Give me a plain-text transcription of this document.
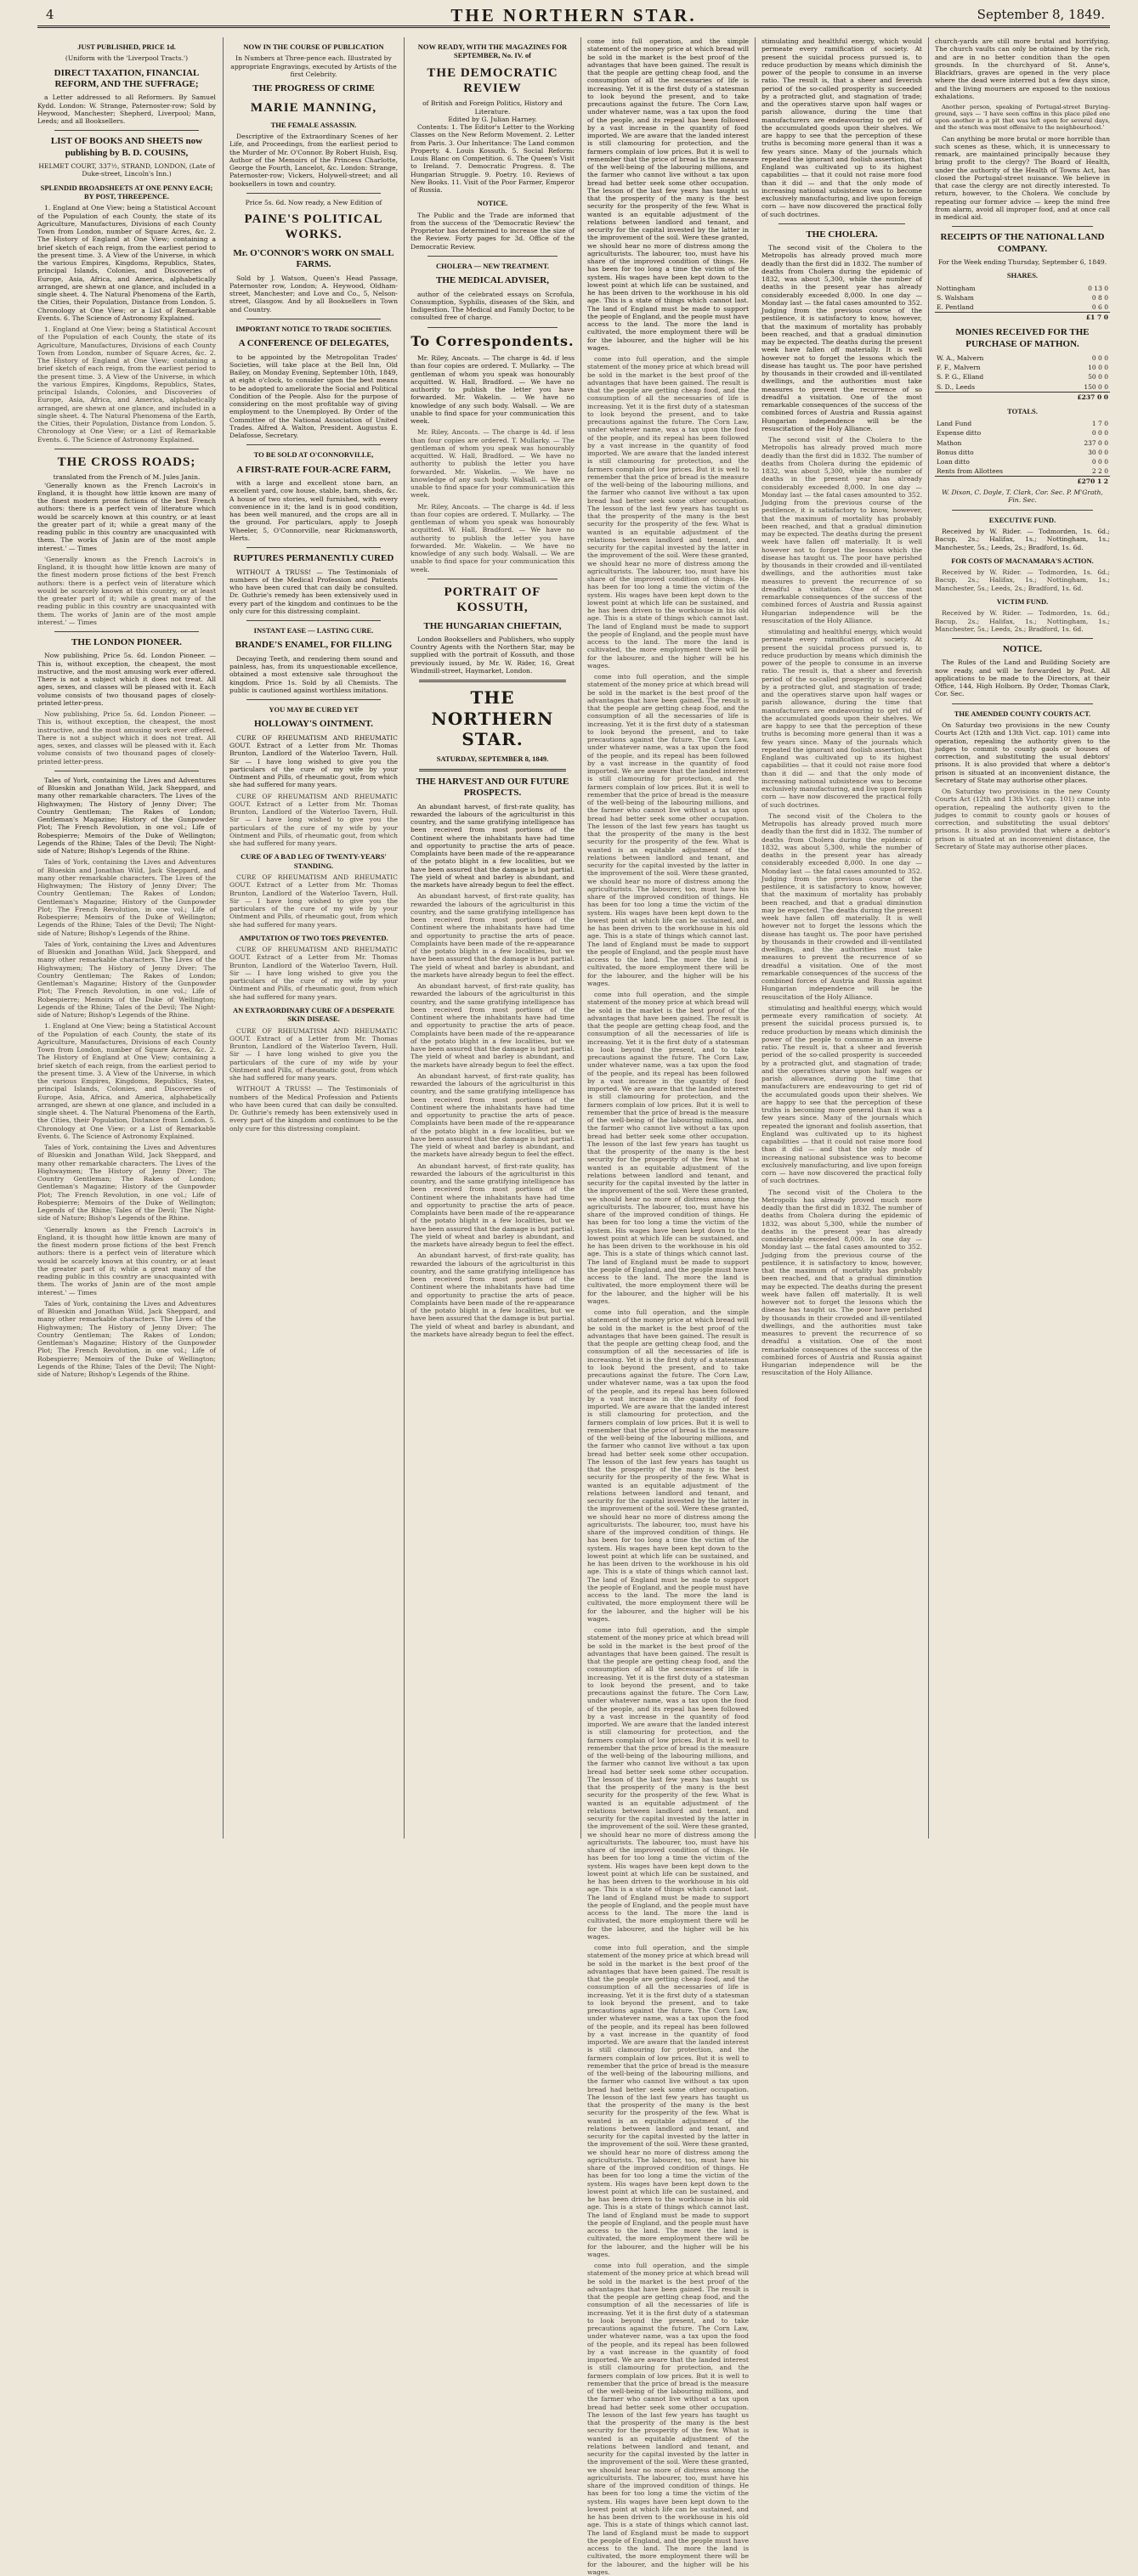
4	THE NORTHERN STAR.	September 8, 1849.
JUST PUBLISHED, PRICE 1d.
(Uniform with the 'Liverpool Tracts.')
DIRECT TAXATION, FINANCIAL REFORM, AND THE SUFFRAGE;

a Letter addressed to all Reformers. By Samuel Kydd. London: W. Strange, Paternoster-row; Sold by Heywood, Manchester; Shepherd, Liverpool; Mann, Leeds; and all Booksellers.

LIST OF BOOKS AND SHEETS now publishing by B. D. COUSINS,
HELMET COURT, 337½, STRAND, LONDON, (Late of Duke-street, Lincoln's Inn.)
SPLENDID BROADSHEETS AT ONE PENNY EACH; BY POST, THREEPENCE.

1. England at One View; being a Statistical Account of the Population of each County, the state of its Agriculture, Manufactures, Divisions of each County Town from London, number of Square Acres, &c. 2. The History of England at One View; containing a brief sketch of each reign, from the earliest period to the present time. 3. A View of the Universe, in which the various Empires, Kingdoms, Republics, States, principal Islands, Colonies, and Discoveries of Europe, Asia, Africa, and America, alphabetically arranged, are shewn at one glance, and included in a single sheet. 4. The Natural Phenomena of the Earth, the Cities, their Population, Distance from London. 5. Chronology at One View; or a List of Remarkable Events. 6. The Science of Astronomy Explained.

1. England at One View; being a Statistical Account of the Population of each County, the state of its Agriculture, Manufactures, Divisions of each County Town from London, number of Square Acres, &c. 2. The History of England at One View; containing a brief sketch of each reign, from the earliest period to the present time. 3. A View of the Universe, in which the various Empires, Kingdoms, Republics, States, principal Islands, Colonies, and Discoveries of Europe, Asia, Africa, and America, alphabetically arranged, are shewn at one glance, and included in a single sheet. 4. The Natural Phenomena of the Earth, the Cities, their Population, Distance from London. 5. Chronology at One View; or a List of Remarkable Events. 6. The Science of Astronomy Explained.

THE CROSS ROADS;
translated from the French of M. Jules Janin.

'Generally known as the French Lacroix's in England, it is thought how little known are many of the finest modern prose fictions of the best French authors: there is a perfect vein of literature which would be scarcely known at this country, or at least the greater part of it; while a great many of the reading public in this country are unacquainted with them. The works of Janin are of the most ample interest.' — Times

'Generally known as the French Lacroix's in England, it is thought how little known are many of the finest modern prose fictions of the best French authors: there is a perfect vein of literature which would be scarcely known at this country, or at least the greater part of it; while a great many of the reading public in this country are unacquainted with them. The works of Janin are of the most ample interest.' — Times

THE LONDON PIONEER.

Now publishing, Price 5s. 6d. London Pioneer. — This is, without exception, the cheapest, the most instructive, and the most amusing work ever offered. There is not a subject which it does not treat. All ages, sexes, and classes will be pleased with it. Each volume consists of two thousand pages of closely-printed letter-press.

Now publishing, Price 5s. 6d. London Pioneer. — This is, without exception, the cheapest, the most instructive, and the most amusing work ever offered. There is not a subject which it does not treat. All ages, sexes, and classes will be pleased with it. Each volume consists of two thousand pages of closely-printed letter-press.

Tales of York, containing the Lives and Adventures of Blueskin and Jonathan Wild, Jack Sheppard, and many other remarkable characters. The Lives of the Highwaymen; The History of Jenny Diver; The Country Gentleman; The Rakes of London; Gentleman's Magazine; History of the Gunpowder Plot; The French Revolution, in one vol.; Life of Robespierre; Memoirs of the Duke of Wellington; Legends of the Rhine; Tales of the Devil; The Night-side of Nature; Bishop's Legends of the Rhine.

Tales of York, containing the Lives and Adventures of Blueskin and Jonathan Wild, Jack Sheppard, and many other remarkable characters. The Lives of the Highwaymen; The History of Jenny Diver; The Country Gentleman; The Rakes of London; Gentleman's Magazine; History of the Gunpowder Plot; The French Revolution, in one vol.; Life of Robespierre; Memoirs of the Duke of Wellington; Legends of the Rhine; Tales of the Devil; The Night-side of Nature; Bishop's Legends of the Rhine.

Tales of York, containing the Lives and Adventures of Blueskin and Jonathan Wild, Jack Sheppard, and many other remarkable characters. The Lives of the Highwaymen; The History of Jenny Diver; The Country Gentleman; The Rakes of London; Gentleman's Magazine; History of the Gunpowder Plot; The French Revolution, in one vol.; Life of Robespierre; Memoirs of the Duke of Wellington; Legends of the Rhine; Tales of the Devil; The Night-side of Nature; Bishop's Legends of the Rhine.

1. England at One View; being a Statistical Account of the Population of each County, the state of its Agriculture, Manufactures, Divisions of each County Town from London, number of Square Acres, &c. 2. The History of England at One View; containing a brief sketch of each reign, from the earliest period to the present time. 3. A View of the Universe, in which the various Empires, Kingdoms, Republics, States, principal Islands, Colonies, and Discoveries of Europe, Asia, Africa, and America, alphabetically arranged, are shewn at one glance, and included in a single sheet. 4. The Natural Phenomena of the Earth, the Cities, their Population, Distance from London. 5. Chronology at One View; or a List of Remarkable Events. 6. The Science of Astronomy Explained.

Tales of York, containing the Lives and Adventures of Blueskin and Jonathan Wild, Jack Sheppard, and many other remarkable characters. The Lives of the Highwaymen; The History of Jenny Diver; The Country Gentleman; The Rakes of London; Gentleman's Magazine; History of the Gunpowder Plot; The French Revolution, in one vol.; Life of Robespierre; Memoirs of the Duke of Wellington; Legends of the Rhine; Tales of the Devil; The Night-side of Nature; Bishop's Legends of the Rhine.

'Generally known as the French Lacroix's in England, it is thought how little known are many of the finest modern prose fictions of the best French authors: there is a perfect vein of literature which would be scarcely known at this country, or at least the greater part of it; while a great many of the reading public in this country are unacquainted with them. The works of Janin are of the most ample interest.' — Times

Tales of York, containing the Lives and Adventures of Blueskin and Jonathan Wild, Jack Sheppard, and many other remarkable characters. The Lives of the Highwaymen; The History of Jenny Diver; The Country Gentleman; The Rakes of London; Gentleman's Magazine; History of the Gunpowder Plot; The French Revolution, in one vol.; Life of Robespierre; Memoirs of the Duke of Wellington; Legends of the Rhine; Tales of the Devil; The Night-side of Nature; Bishop's Legends of the Rhine.

NOW IN THE COURSE OF PUBLICATION
In Numbers at Three-pence each. Illustrated by appropriate Engravings, executed by Artists of the first Celebrity.
THE PROGRESS OF CRIME
MARIE MANNING,
THE FEMALE ASSASSIN.

Descriptive of the Extraordinary Scenes of her Life, and Proceedings, from the earliest period to the Murder of Mr. O'Connor. By Robert Huish, Esq. Author of the Memoirs of the Princess Charlotte, George the Fourth, Lancelot, &c. London: Strange, Paternoster-row; Vickers, Holywell-street; and all booksellers in town and country.

Price 5s. 6d. Now ready, a New Edition of
PAINE'S POLITICAL WORKS.
Mr. O'CONNOR'S WORK ON SMALL FARMS.

Sold by J. Watson, Queen's Head Passage, Paternoster row, London; A. Heywood, Oldham-street, Manchester; and Love and Co., 5, Nelson-street, Glasgow. And by all Booksellers in Town and Country.

IMPORTANT NOTICE TO TRADE SOCIETIES.
A CONFERENCE OF DELEGATES,

to be appointed by the Metropolitan Trades' Societies, will take place at the Bell Inn, Old Bailey, on Monday Evening, September 10th, 1849, at eight o'clock, to consider upon the best means to be adopted to ameliorate the Social and Political Condition of the People. Also for the purpose of considering on the most profitable way of giving employment to the Unemployed. By Order of the Committee of the National Association of United Trades. Alfred A. Walton, President. Augustus E. Delafosse, Secretary.

TO BE SOLD AT O'CONNORVILLE,
A FIRST-RATE FOUR-ACRE FARM,

with a large and excellent stone barn, an excellent yard, cow house, stable, barn, sheds, &c. A house of two stories, well furnished, with every convenience in it; the land is in good condition, has been well manured, and the crops are all in the ground. For particulars, apply to Joseph Wheeler, 5, O'Connorville, near Rickmansworth, Herts.

RUPTURES PERMANENTLY CURED

WITHOUT A TRUSS! — The Testimonials of numbers of the Medical Profession and Patients who have been cured that can daily be consulted. Dr. Guthrie's remedy has been extensively used in every part of the kingdom and continues to be the only cure for this distressing complaint.

INSTANT EASE — LASTING CURE.
BRANDE'S ENAMEL, FOR FILLING

Decaying Teeth, and rendering them sound and painless, has, from its unquestionable excellence, obtained a most extensive sale throughout the kingdom. Price 1s. Sold by all Chemists. The public is cautioned against worthless imitations.

YOU MAY BE CURED YET
HOLLOWAY'S OINTMENT.

CURE OF RHEUMATISM AND RHEUMATIC GOUT. Extract of a Letter from Mr. Thomas Brunton, Landlord of the Waterloo Tavern, Hull. Sir — I have long wished to give you the particulars of the cure of my wife by your Ointment and Pills, of rheumatic gout, from which she had suffered for many years.

CURE OF RHEUMATISM AND RHEUMATIC GOUT. Extract of a Letter from Mr. Thomas Brunton, Landlord of the Waterloo Tavern, Hull. Sir — I have long wished to give you the particulars of the cure of my wife by your Ointment and Pills, of rheumatic gout, from which she had suffered for many years.

CURE OF A BAD LEG OF TWENTY-YEARS' STANDING.

CURE OF RHEUMATISM AND RHEUMATIC GOUT. Extract of a Letter from Mr. Thomas Brunton, Landlord of the Waterloo Tavern, Hull. Sir — I have long wished to give you the particulars of the cure of my wife by your Ointment and Pills, of rheumatic gout, from which she had suffered for many years.

AMPUTATION OF TWO TOES PREVENTED.

CURE OF RHEUMATISM AND RHEUMATIC GOUT. Extract of a Letter from Mr. Thomas Brunton, Landlord of the Waterloo Tavern, Hull. Sir — I have long wished to give you the particulars of the cure of my wife by your Ointment and Pills, of rheumatic gout, from which she had suffered for many years.

AN EXTRAORDINARY CURE OF A DESPERATE SKIN DISEASE.

CURE OF RHEUMATISM AND RHEUMATIC GOUT. Extract of a Letter from Mr. Thomas Brunton, Landlord of the Waterloo Tavern, Hull. Sir — I have long wished to give you the particulars of the cure of my wife by your Ointment and Pills, of rheumatic gout, from which she had suffered for many years.

WITHOUT A TRUSS! — The Testimonials of numbers of the Medical Profession and Patients who have been cured that can daily be consulted. Dr. Guthrie's remedy has been extensively used in every part of the kingdom and continues to be the only cure for this distressing complaint.

NOW READY, WITH THE MAGAZINES FOR SEPTEMBER, No. IV. of
THE DEMOCRATIC REVIEW
of British and Foreign Politics, History and Literature.
Edited by G. Julian Harney.

Contents: 1. The Editor's Letter to the Working Classes on the New Reform Movement. 2. Letter from Paris. 3. Our Inheritance: The Land common Property. 4. Louis Kossuth. 5. Social Reform: Louis Blanc on Competition. 6. The Queen's Visit to Ireland. 7. Democratic Progress. 8. The Hungarian Struggle. 9. Poetry. 10. Reviews of New Books. 11. Visit of the Poor Farmer, Emperor of Russia.

NOTICE.

The Public and the Trade are informed that from the success of the 'Democratic Review' the Proprietor has determined to increase the size of the Review. Forty pages for 3d. Office of the Democratic Review.

CHOLERA — NEW TREATMENT.
THE MEDICAL ADVISER,

author of the celebrated essays on Scrofula, Consumption, Syphilis, diseases of the Skin, and Indigestion. The Medical and Family Doctor, to be consulted free of charge.

To Correspondents.

Mr. Riley, Ancoats. — The charge is 4d. if less than four copies are ordered. T. Mullarky. — The gentleman of whom you speak was honourably acquitted. W. Hall, Bradford. — We have no authority to publish the letter you have forwarded. Mr. Wakelin. — We have no knowledge of any such body. Walsall. — We are unable to find space for your communication this week.

Mr. Riley, Ancoats. — The charge is 4d. if less than four copies are ordered. T. Mullarky. — The gentleman of whom you speak was honourably acquitted. W. Hall, Bradford. — We have no authority to publish the letter you have forwarded. Mr. Wakelin. — We have no knowledge of any such body. Walsall. — We are unable to find space for your communication this week.

Mr. Riley, Ancoats. — The charge is 4d. if less than four copies are ordered. T. Mullarky. — The gentleman of whom you speak was honourably acquitted. W. Hall, Bradford. — We have no authority to publish the letter you have forwarded. Mr. Wakelin. — We have no knowledge of any such body. Walsall. — We are unable to find space for your communication this week.

PORTRAIT OF KOSSUTH,
THE HUNGARIAN CHIEFTAIN,

London Booksellers and Publishers, who supply Country Agents with the Northern Star, may be supplied with the portrait of Kossuth, and those previously issued, by Mr. W. Rider, 16, Great Windmill-street, Haymarket, London.

THE NORTHERN STAR.
SATURDAY, SEPTEMBER 8, 1849.
THE HARVEST AND OUR FUTURE PROSPECTS.

An abundant harvest, of first-rate quality, has rewarded the labours of the agriculturist in this country, and the same gratifying intelligence has been received from most portions of the Continent where the inhabitants have had time and opportunity to practise the arts of peace. Complaints have been made of the re-appearance of the potato blight in a few localities, but we have been assured that the damage is but partial. The yield of wheat and barley is abundant, and the markets have already begun to feel the effect.

An abundant harvest, of first-rate quality, has rewarded the labours of the agriculturist in this country, and the same gratifying intelligence has been received from most portions of the Continent where the inhabitants have had time and opportunity to practise the arts of peace. Complaints have been made of the re-appearance of the potato blight in a few localities, but we have been assured that the damage is but partial. The yield of wheat and barley is abundant, and the markets have already begun to feel the effect.

An abundant harvest, of first-rate quality, has rewarded the labours of the agriculturist in this country, and the same gratifying intelligence has been received from most portions of the Continent where the inhabitants have had time and opportunity to practise the arts of peace. Complaints have been made of the re-appearance of the potato blight in a few localities, but we have been assured that the damage is but partial. The yield of wheat and barley is abundant, and the markets have already begun to feel the effect.

An abundant harvest, of first-rate quality, has rewarded the labours of the agriculturist in this country, and the same gratifying intelligence has been received from most portions of the Continent where the inhabitants have had time and opportunity to practise the arts of peace. Complaints have been made of the re-appearance of the potato blight in a few localities, but we have been assured that the damage is but partial. The yield of wheat and barley is abundant, and the markets have already begun to feel the effect.

An abundant harvest, of first-rate quality, has rewarded the labours of the agriculturist in this country, and the same gratifying intelligence has been received from most portions of the Continent where the inhabitants have had time and opportunity to practise the arts of peace. Complaints have been made of the re-appearance of the potato blight in a few localities, but we have been assured that the damage is but partial. The yield of wheat and barley is abundant, and the markets have already begun to feel the effect.

An abundant harvest, of first-rate quality, has rewarded the labours of the agriculturist in this country, and the same gratifying intelligence has been received from most portions of the Continent where the inhabitants have had time and opportunity to practise the arts of peace. Complaints have been made of the re-appearance of the potato blight in a few localities, but we have been assured that the damage is but partial. The yield of wheat and barley is abundant, and the markets have already begun to feel the effect.

come into full operation, and the simple statement of the money price at which bread will be sold in the market is the best proof of the advantages that have been gained. The result is that the people are getting cheap food, and the consumption of all the necessaries of life is increasing. Yet it is the first duty of a statesman to look beyond the present, and to take precautions against the future. The Corn Law, under whatever name, was a tax upon the food of the people, and its repeal has been followed by a vast increase in the quantity of food imported. We are aware that the landed interest is still clamouring for protection, and the farmers complain of low prices. But it is well to remember that the price of bread is the measure of the well-being of the labouring millions, and the farmer who cannot live without a tax upon bread had better seek some other occupation. The lesson of the last few years has taught us that the prosperity of the many is the best security for the prosperity of the few. What is wanted is an equitable adjustment of the relations between landlord and tenant, and security for the capital invested by the latter in the improvement of the soil. Were these granted, we should hear no more of distress among the agriculturists. The labourer, too, must have his share of the improved condition of things. He has been for too long a time the victim of the system. His wages have been kept down to the lowest point at which life can be sustained, and he has been driven to the workhouse in his old age. This is a state of things which cannot last. The land of England must be made to support the people of England, and the people must have access to the land. The more the land is cultivated, the more employment there will be for the labourer, and the higher will be his wages.

come into full operation, and the simple statement of the money price at which bread will be sold in the market is the best proof of the advantages that have been gained. The result is that the people are getting cheap food, and the consumption of all the necessaries of life is increasing. Yet it is the first duty of a statesman to look beyond the present, and to take precautions against the future. The Corn Law, under whatever name, was a tax upon the food of the people, and its repeal has been followed by a vast increase in the quantity of food imported. We are aware that the landed interest is still clamouring for protection, and the farmers complain of low prices. But it is well to remember that the price of bread is the measure of the well-being of the labouring millions, and the farmer who cannot live without a tax upon bread had better seek some other occupation. The lesson of the last few years has taught us that the prosperity of the many is the best security for the prosperity of the few. What is wanted is an equitable adjustment of the relations between landlord and tenant, and security for the capital invested by the latter in the improvement of the soil. Were these granted, we should hear no more of distress among the agriculturists. The labourer, too, must have his share of the improved condition of things. He has been for too long a time the victim of the system. His wages have been kept down to the lowest point at which life can be sustained, and he has been driven to the workhouse in his old age. This is a state of things which cannot last. The land of England must be made to support the people of England, and the people must have access to the land. The more the land is cultivated, the more employment there will be for the labourer, and the higher will be his wages.

come into full operation, and the simple statement of the money price at which bread will be sold in the market is the best proof of the advantages that have been gained. The result is that the people are getting cheap food, and the consumption of all the necessaries of life is increasing. Yet it is the first duty of a statesman to look beyond the present, and to take precautions against the future. The Corn Law, under whatever name, was a tax upon the food of the people, and its repeal has been followed by a vast increase in the quantity of food imported. We are aware that the landed interest is still clamouring for protection, and the farmers complain of low prices. But it is well to remember that the price of bread is the measure of the well-being of the labouring millions, and the farmer who cannot live without a tax upon bread had better seek some other occupation. The lesson of the last few years has taught us that the prosperity of the many is the best security for the prosperity of the few. What is wanted is an equitable adjustment of the relations between landlord and tenant, and security for the capital invested by the latter in the improvement of the soil. Were these granted, we should hear no more of distress among the agriculturists. The labourer, too, must have his share of the improved condition of things. He has been for too long a time the victim of the system. His wages have been kept down to the lowest point at which life can be sustained, and he has been driven to the workhouse in his old age. This is a state of things which cannot last. The land of England must be made to support the people of England, and the people must have access to the land. The more the land is cultivated, the more employment there will be for the labourer, and the higher will be his wages.

come into full operation, and the simple statement of the money price at which bread will be sold in the market is the best proof of the advantages that have been gained. The result is that the people are getting cheap food, and the consumption of all the necessaries of life is increasing. Yet it is the first duty of a statesman to look beyond the present, and to take precautions against the future. The Corn Law, under whatever name, was a tax upon the food of the people, and its repeal has been followed by a vast increase in the quantity of food imported. We are aware that the landed interest is still clamouring for protection, and the farmers complain of low prices. But it is well to remember that the price of bread is the measure of the well-being of the labouring millions, and the farmer who cannot live without a tax upon bread had better seek some other occupation. The lesson of the last few years has taught us that the prosperity of the many is the best security for the prosperity of the few. What is wanted is an equitable adjustment of the relations between landlord and tenant, and security for the capital invested by the latter in the improvement of the soil. Were these granted, we should hear no more of distress among the agriculturists. The labourer, too, must have his share of the improved condition of things. He has been for too long a time the victim of the system. His wages have been kept down to the lowest point at which life can be sustained, and he has been driven to the workhouse in his old age. This is a state of things which cannot last. The land of England must be made to support the people of England, and the people must have access to the land. The more the land is cultivated, the more employment there will be for the labourer, and the higher will be his wages.

come into full operation, and the simple statement of the money price at which bread will be sold in the market is the best proof of the advantages that have been gained. The result is that the people are getting cheap food, and the consumption of all the necessaries of life is increasing. Yet it is the first duty of a statesman to look beyond the present, and to take precautions against the future. The Corn Law, under whatever name, was a tax upon the food of the people, and its repeal has been followed by a vast increase in the quantity of food imported. We are aware that the landed interest is still clamouring for protection, and the farmers complain of low prices. But it is well to remember that the price of bread is the measure of the well-being of the labouring millions, and the farmer who cannot live without a tax upon bread had better seek some other occupation. The lesson of the last few years has taught us that the prosperity of the many is the best security for the prosperity of the few. What is wanted is an equitable adjustment of the relations between landlord and tenant, and security for the capital invested by the latter in the improvement of the soil. Were these granted, we should hear no more of distress among the agriculturists. The labourer, too, must have his share of the improved condition of things. He has been for too long a time the victim of the system. His wages have been kept down to the lowest point at which life can be sustained, and he has been driven to the workhouse in his old age. This is a state of things which cannot last. The land of England must be made to support the people of England, and the people must have access to the land. The more the land is cultivated, the more employment there will be for the labourer, and the higher will be his wages.

come into full operation, and the simple statement of the money price at which bread will be sold in the market is the best proof of the advantages that have been gained. The result is that the people are getting cheap food, and the consumption of all the necessaries of life is increasing. Yet it is the first duty of a statesman to look beyond the present, and to take precautions against the future. The Corn Law, under whatever name, was a tax upon the food of the people, and its repeal has been followed by a vast increase in the quantity of food imported. We are aware that the landed interest is still clamouring for protection, and the farmers complain of low prices. But it is well to remember that the price of bread is the measure of the well-being of the labouring millions, and the farmer who cannot live without a tax upon bread had better seek some other occupation. The lesson of the last few years has taught us that the prosperity of the many is the best security for the prosperity of the few. What is wanted is an equitable adjustment of the relations between landlord and tenant, and security for the capital invested by the latter in the improvement of the soil. Were these granted, we should hear no more of distress among the agriculturists. The labourer, too, must have his share of the improved condition of things. He has been for too long a time the victim of the system. His wages have been kept down to the lowest point at which life can be sustained, and he has been driven to the workhouse in his old age. This is a state of things which cannot last. The land of England must be made to support the people of England, and the people must have access to the land. The more the land is cultivated, the more employment there will be for the labourer, and the higher will be his wages.

come into full operation, and the simple statement of the money price at which bread will be sold in the market is the best proof of the advantages that have been gained. The result is that the people are getting cheap food, and the consumption of all the necessaries of life is increasing. Yet it is the first duty of a statesman to look beyond the present, and to take precautions against the future. The Corn Law, under whatever name, was a tax upon the food of the people, and its repeal has been followed by a vast increase in the quantity of food imported. We are aware that the landed interest is still clamouring for protection, and the farmers complain of low prices. But it is well to remember that the price of bread is the measure of the well-being of the labouring millions, and the farmer who cannot live without a tax upon bread had better seek some other occupation. The lesson of the last few years has taught us that the prosperity of the many is the best security for the prosperity of the few. What is wanted is an equitable adjustment of the relations between landlord and tenant, and security for the capital invested by the latter in the improvement of the soil. Were these granted, we should hear no more of distress among the agriculturists. The labourer, too, must have his share of the improved condition of things. He has been for too long a time the victim of the system. His wages have been kept down to the lowest point at which life can be sustained, and he has been driven to the workhouse in his old age. This is a state of things which cannot last. The land of England must be made to support the people of England, and the people must have access to the land. The more the land is cultivated, the more employment there will be for the labourer, and the higher will be his wages.

come into full operation, and the simple statement of the money price at which bread will be sold in the market is the best proof of the advantages that have been gained. The result is that the people are getting cheap food, and the consumption of all the necessaries of life is increasing. Yet it is the first duty of a statesman to look beyond the present, and to take precautions against the future. The Corn Law, under whatever name, was a tax upon the food of the people, and its repeal has been followed by a vast increase in the quantity of food imported. We are aware that the landed interest is still clamouring for protection, and the farmers complain of low prices. But it is well to remember that the price of bread is the measure of the well-being of the labouring millions, and the farmer who cannot live without a tax upon bread had better seek some other occupation. The lesson of the last few years has taught us that the prosperity of the many is the best security for the prosperity of the few. What is wanted is an equitable adjustment of the relations between landlord and tenant, and security for the capital invested by the latter in the improvement of the soil. Were these granted, we should hear no more of distress among the agriculturists. The labourer, too, must have his share of the improved condition of things. He has been for too long a time the victim of the system. His wages have been kept down to the lowest point at which life can be sustained, and he has been driven to the workhouse in his old age. This is a state of things which cannot last. The land of England must be made to support the people of England, and the people must have access to the land. The more the land is cultivated, the more employment there will be for the labourer, and the higher will be his wages.

stimulating and healthful energy, which would permeate every ramification of society. At present the suicidal process pursued is, to reduce production by means which diminish the power of the people to consume in an inverse ratio. The result is, that a sheer and feverish period of the so-called prosperity is succeeded by a protracted glut, and stagnation of trade; and the operatives starve upon half wages or parish allowance, during the time that manufacturers are endeavouring to get rid of the accumulated goods upon their shelves. We are happy to see that the perception of these truths is becoming more general than it was a few years since. Many of the journals which repeated the ignorant and foolish assertion, that England was cultivated up to its highest capabilities — that it could not raise more food than it did — and that the only mode of increasing national subsistence was to become exclusively manufacturing, and live upon foreign corn — have now discovered the practical folly of such doctrines.

THE CHOLERA.

The second visit of the Cholera to the Metropolis has already proved much more deadly than the first did in 1832. The number of deaths from Cholera during the epidemic of 1832, was about 5,300, while the number of deaths in the present year has already considerably exceeded 8,000. In one day — Monday last — the fatal cases amounted to 352. Judging from the previous course of the pestilence, it is satisfactory to know, however, that the maximum of mortality has probably been reached, and that a gradual diminution may be expected. The deaths during the present week have fallen off materially. It is well however not to forget the lessons which the disease has taught us. The poor have perished by thousands in their crowded and ill-ventilated dwellings, and the authorities must take measures to prevent the recurrence of so dreadful a visitation. One of the most remarkable consequences of the success of the combined forces of Austria and Russia against Hungarian independence will be the resuscitation of the Holy Alliance.

The second visit of the Cholera to the Metropolis has already proved much more deadly than the first did in 1832. The number of deaths from Cholera during the epidemic of 1832, was about 5,300, while the number of deaths in the present year has already considerably exceeded 8,000. In one day — Monday last — the fatal cases amounted to 352. Judging from the previous course of the pestilence, it is satisfactory to know, however, that the maximum of mortality has probably been reached, and that a gradual diminution may be expected. The deaths during the present week have fallen off materially. It is well however not to forget the lessons which the disease has taught us. The poor have perished by thousands in their crowded and ill-ventilated dwellings, and the authorities must take measures to prevent the recurrence of so dreadful a visitation. One of the most remarkable consequences of the success of the combined forces of Austria and Russia against Hungarian independence will be the resuscitation of the Holy Alliance.

stimulating and healthful energy, which would permeate every ramification of society. At present the suicidal process pursued is, to reduce production by means which diminish the power of the people to consume in an inverse ratio. The result is, that a sheer and feverish period of the so-called prosperity is succeeded by a protracted glut, and stagnation of trade; and the operatives starve upon half wages or parish allowance, during the time that manufacturers are endeavouring to get rid of the accumulated goods upon their shelves. We are happy to see that the perception of these truths is becoming more general than it was a few years since. Many of the journals which repeated the ignorant and foolish assertion, that England was cultivated up to its highest capabilities — that it could not raise more food than it did — and that the only mode of increasing national subsistence was to become exclusively manufacturing, and live upon foreign corn — have now discovered the practical folly of such doctrines.

The second visit of the Cholera to the Metropolis has already proved much more deadly than the first did in 1832. The number of deaths from Cholera during the epidemic of 1832, was about 5,300, while the number of deaths in the present year has already considerably exceeded 8,000. In one day — Monday last — the fatal cases amounted to 352. Judging from the previous course of the pestilence, it is satisfactory to know, however, that the maximum of mortality has probably been reached, and that a gradual diminution may be expected. The deaths during the present week have fallen off materially. It is well however not to forget the lessons which the disease has taught us. The poor have perished by thousands in their crowded and ill-ventilated dwellings, and the authorities must take measures to prevent the recurrence of so dreadful a visitation. One of the most remarkable consequences of the success of the combined forces of Austria and Russia against Hungarian independence will be the resuscitation of the Holy Alliance.

stimulating and healthful energy, which would permeate every ramification of society. At present the suicidal process pursued is, to reduce production by means which diminish the power of the people to consume in an inverse ratio. The result is, that a sheer and feverish period of the so-called prosperity is succeeded by a protracted glut, and stagnation of trade; and the operatives starve upon half wages or parish allowance, during the time that manufacturers are endeavouring to get rid of the accumulated goods upon their shelves. We are happy to see that the perception of these truths is becoming more general than it was a few years since. Many of the journals which repeated the ignorant and foolish assertion, that England was cultivated up to its highest capabilities — that it could not raise more food than it did — and that the only mode of increasing national subsistence was to become exclusively manufacturing, and live upon foreign corn — have now discovered the practical folly of such doctrines.

The second visit of the Cholera to the Metropolis has already proved much more deadly than the first did in 1832. The number of deaths from Cholera during the epidemic of 1832, was about 5,300, while the number of deaths in the present year has already considerably exceeded 8,000. In one day — Monday last — the fatal cases amounted to 352. Judging from the previous course of the pestilence, it is satisfactory to know, however, that the maximum of mortality has probably been reached, and that a gradual diminution may be expected. The deaths during the present week have fallen off materially. It is well however not to forget the lessons which the disease has taught us. The poor have perished by thousands in their crowded and ill-ventilated dwellings, and the authorities must take measures to prevent the recurrence of so dreadful a visitation. One of the most remarkable consequences of the success of the combined forces of Austria and Russia against Hungarian independence will be the resuscitation of the Holy Alliance.

church-yards are still more brutal and horrifying. The church vaults can only be obtained by the rich, and are in no better condition than the open grounds. In the churchyard of St. Anne's, Blackfriars, graves are opened in the very place where the dead were interred but a few days since, and the living mourners are exposed to the noxious exhalations.

Another person, speaking of Portugal-street Burying-ground, says — 'I have seen coffins in this place piled one upon another in a pit that was left open for several days, and the stench was most offensive to the neighbourhood.'

Can anything be more brutal or more horrible than such scenes as these, which, it is unnecessary to remark, are maintained principally because they bring profit to the clergy? The Board of Health, under the authority of the Health of Towns Act, has closed the Portugal-street nuisance. We believe in that case the clergy are not directly interested. To return, however, to the Cholera. We conclude by repeating our former advice — keep the mind free from alarm, avoid all improper food, and at once call in medical aid.

RECEIPTS OF THE NATIONAL LAND COMPANY.
For the Week ending Thursday, September 6, 1849.
SHARES.
Nottingham	0 13 0
S. Walsham	0 8 0
E. Pentland	0 6 0
	£1 7 0
MONIES RECEIVED FOR THE PURCHASE OF MATHON.
W. A., Malvern	0 0 0
F. F., Malvern	10 0 0
S. P. G., Elland	50 0 0
S. D., Leeds	150 0 0
	£237 0 0
TOTALS.
Land Fund	1 7 0
Expense ditto	0 0 0
Mathon	237 0 0
Bonus ditto	30 0 0
Loan ditto	0 0 0
Rents from Allottees	2 2 0
	£270 1 2
W. Dixon, C. Doyle, T. Clark, Cor. Sec. P. M'Grath, Fin. Sec.
EXECUTIVE FUND.

Received by W. Rider. — Todmorden, 1s. 6d.; Bacup, 2s.; Halifax, 1s.; Nottingham, 1s.; Manchester, 5s.; Leeds, 2s.; Bradford, 1s. 6d.

FOR COSTS OF MACNAMARA'S ACTION.

Received by W. Rider. — Todmorden, 1s. 6d.; Bacup, 2s.; Halifax, 1s.; Nottingham, 1s.; Manchester, 5s.; Leeds, 2s.; Bradford, 1s. 6d.

VICTIM FUND.

Received by W. Rider. — Todmorden, 1s. 6d.; Bacup, 2s.; Halifax, 1s.; Nottingham, 1s.; Manchester, 5s.; Leeds, 2s.; Bradford, 1s. 6d.

NOTICE.

The Rules of the Land and Building Society are now ready, and will be forwarded by Post. All applications to be made to the Directors, at their Office, 144, High Holborn. By Order, Thomas Clark, Cor. Sec.

THE AMENDED COUNTY COURTS ACT.

On Saturday two provisions in the new County Courts Act (12th and 13th Vict. cap. 101) came into operation, repealing the authority given to the judges to commit to county gaols or houses of correction, and substituting the usual debtors' prisons. It is also provided that where a debtor's prison is situated at an inconvenient distance, the Secretary of State may authorise other places.

On Saturday two provisions in the new County Courts Act (12th and 13th Vict. cap. 101) came into operation, repealing the authority given to the judges to commit to county gaols or houses of correction, and substituting the usual debtors' prisons. It is also provided that where a debtor's prison is situated at an inconvenient distance, the Secretary of State may authorise other places.
